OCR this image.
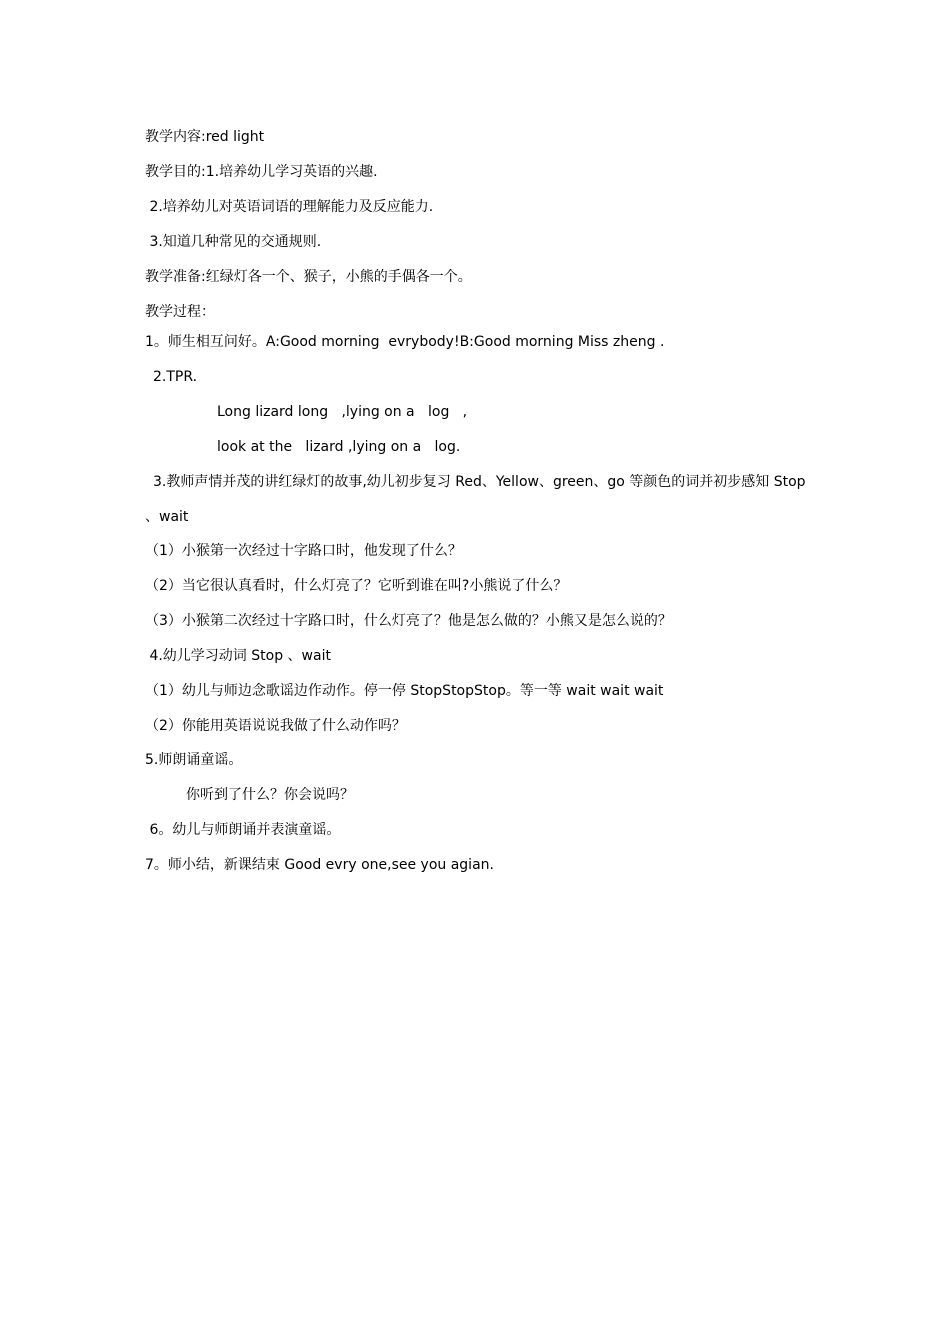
教学内容:red light
教学目的:1.培养幼儿学习英语的兴趣.
2.培养幼儿对英语词语的理解能力及反应能力.
3.知道几种常见的交通规则.
教学准备:红绿灯各一个、猴子，小熊的手偶各一个。
教学过程：
1。师生相互问好。A:Good morning  evrybody!B:Good morning Miss zheng .
2.TPR.
Long lizard long   ,lying on a   log   ,
look at the   lizard ,lying on a   log.
3.教师声情并茂的讲红绿灯的故事,幼儿初步复习 Red、Yellow、green、go 等颜色的词并初步感知 Stop
、wait
（1）小猴第一次经过十字路口时，他发现了什么？
（2）当它很认真看时，什么灯亮了？它听到谁在叫?小熊说了什么？
（3）小猴第二次经过十字路口时，什么灯亮了？他是怎么做的？小熊又是怎么说的？
4.幼儿学习动词 Stop 、wait
（1）幼儿与师边念歌谣边作动作。停一停 StopStopStop。等一等 wait wait wait
（2）你能用英语说说我做了什么动作吗？
5.师朗诵童谣。
你听到了什么？你会说吗？
6。幼儿与师朗诵并表演童谣。
7。师小结，新课结束 Good evry one,see you agian.
